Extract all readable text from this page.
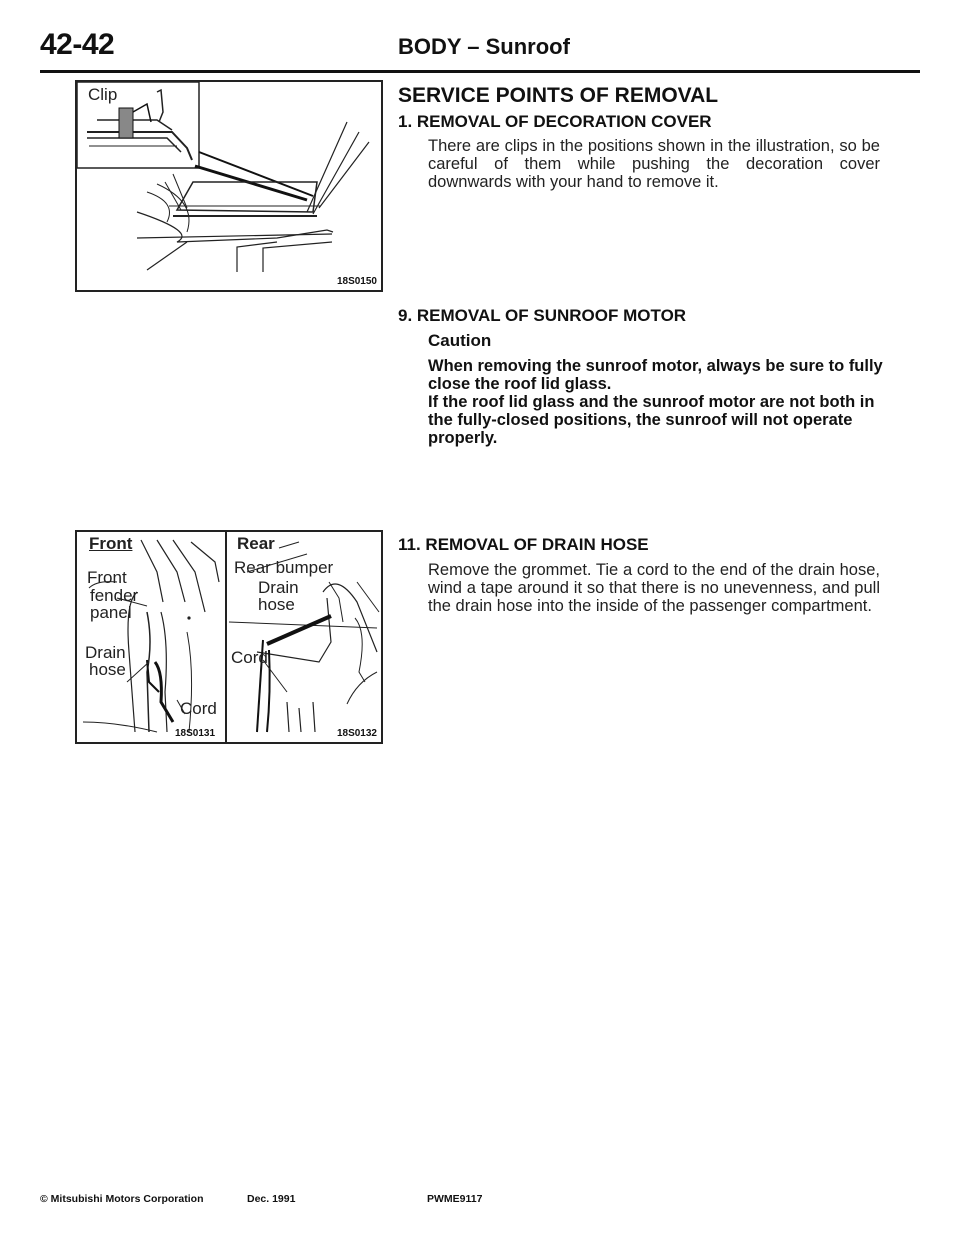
42-42	BODY – Sunroof
Clip
18S0150
Front
Front
fender
panel
Drain
hose
Cord
18S0131
Rear
Rear bumper
Drain
hose
Cord
18S0132
SERVICE POINTS OF REMOVAL
1. REMOVAL OF DECORATION COVER
There are clips in the positions shown in the illustration, so be careful of them while pushing the decoration cover downwards with your hand to remove it.
9. REMOVAL OF SUNROOF MOTOR
Caution
When removing the sunroof motor, always be sure to fully close the roof lid glass.
If the roof lid glass and the sunroof motor are not both in the fully-closed positions, the sunroof will not operate properly.
11. REMOVAL OF DRAIN HOSE
Remove the grommet. Tie a cord to the end of the drain hose, wind a tape around it so that there is no unevenness, and pull the drain hose into the inside of the passenger compartment.
© Mitsubishi Motors Corporation	Dec. 1991	PWME9117
